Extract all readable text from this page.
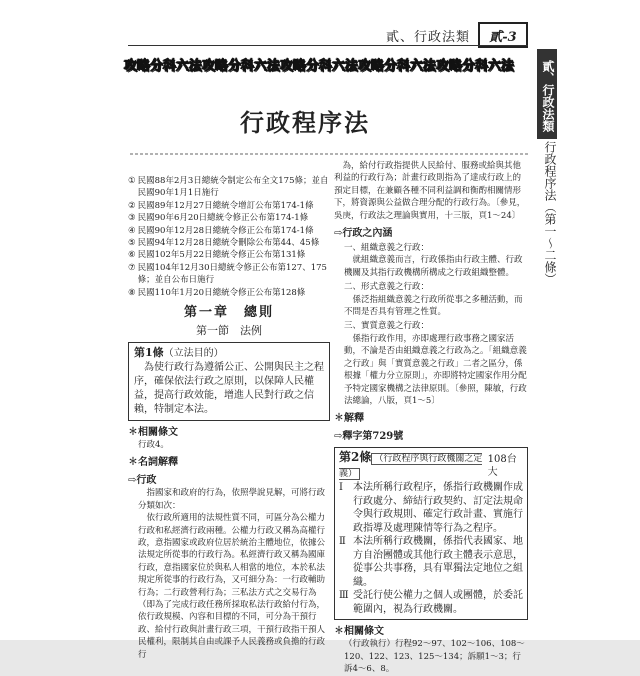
貳、行政法類	貳-3
攻略分科六法 攻略分科六法 攻略分科六法 攻略分科六法 攻略分科六法	貳、行政法類
行政程序法（第一～二條）
行政程序法
① 民國88年2月3日總統令制定公布全文175條；並自民國90年1月1日施行
② 民國89年12月27日總統令增訂公布第174-1條
③ 民國90年6月20日總統令修正公布第174-1條
④ 民國90年12月28日總統令修正公布第174-1條
⑤ 民國94年12月28日總統令刪除公布第44、45條
⑥ 民國102年5月22日總統令修正公布第131條
⑦ 民國104年12月30日總統令修正公布第127、175條；並自公布日施行
⑧ 民國110年1月20日總統令修正公布第128條
第一章　總則
第一節　法例
第1條（立法目的）
為使行政行為遵循公正、公開與民主之程序，確保依法行政之原則，以保障人民權益，提高行政效能，增進人民對行政之信賴，特制定本法。
✽相關條文
行政4。
✽名詞解釋
⇨行政
指國家和政府的行為，依照學說見解，可將行政分類如次：
依行政所適用的法規性質不同，可區分為公權力行政和私經濟行政兩種。公權力行政又稱為高權行政，意指國家或政府位居於統治主體地位，依據公法規定所從事的行政行為。私經濟行政又稱為國庫行政，意指國家位於與私人相當的地位，本於私法規定所從事的行政行為，又可細分為：一行政輔助行為；二行政營利行為；三私法方式之交易行為（即為了完成行政任務所採取私法行政給付行為，依行政規模、內容和目標的不同，可分為干預行政、給付行政與計畫行政三項，干預行政指干預人民權利，限制其自由或課予人民義務或負擔的行政行
為，給付行政指提供人民給付、服務或給與其他利益的行政行為；計畫行政則指為了達成行政上的預定目標，在兼顧各種不同利益調和衡酌相關情形下，將資源與公益做合理分配的行政行為。〔參見，吳庚，行政法之理論與實用，十三版，頁1～24〕
⇨行政之內涵
一、組織意義之行政：
就組織意義而言，行政係指由行政主體、行政機關及其指行政機構所構成之行政組織整體。
二、形式意義之行政：
係泛指組織意義之行政所從事之多種活動，而不問是否具有管理之性質。
三、實質意義之行政：
係指行政作用，亦即處理行政事務之國家活動，不論是否由組織意義之行政為之。「組織意義之行政」與「實質意義之行政」二者之區分，係根據「權力分立原則」，亦即將特定國家作用分配予特定國家機構之法律原則。〔參照，陳敏，行政法總論，八版，頁1～5〕
✽解釋
⇨釋字第729號
第2條 （行政程序與行政機關之定義）
108台大
Ⅰ	本法所稱行政程序，係指行政機關作成行政處分、締結行政契約、訂定法規命令與行政規則、確定行政計畫、實施行政指導及處理陳情等行為之程序。
Ⅱ 本法所稱行政機關，係指代表國家、地方自治團體或其他行政主體表示意思，從事公共事務，具有單獨法定地位之組織。
Ⅲ 受託行使公權力之個人或團體，於委託範圍內，視為行政機關。
✽相關條文
（行政執行）行程92～97、102～106、108～120、122、123、125～134；訴願1～3；行訴4～6、8。
